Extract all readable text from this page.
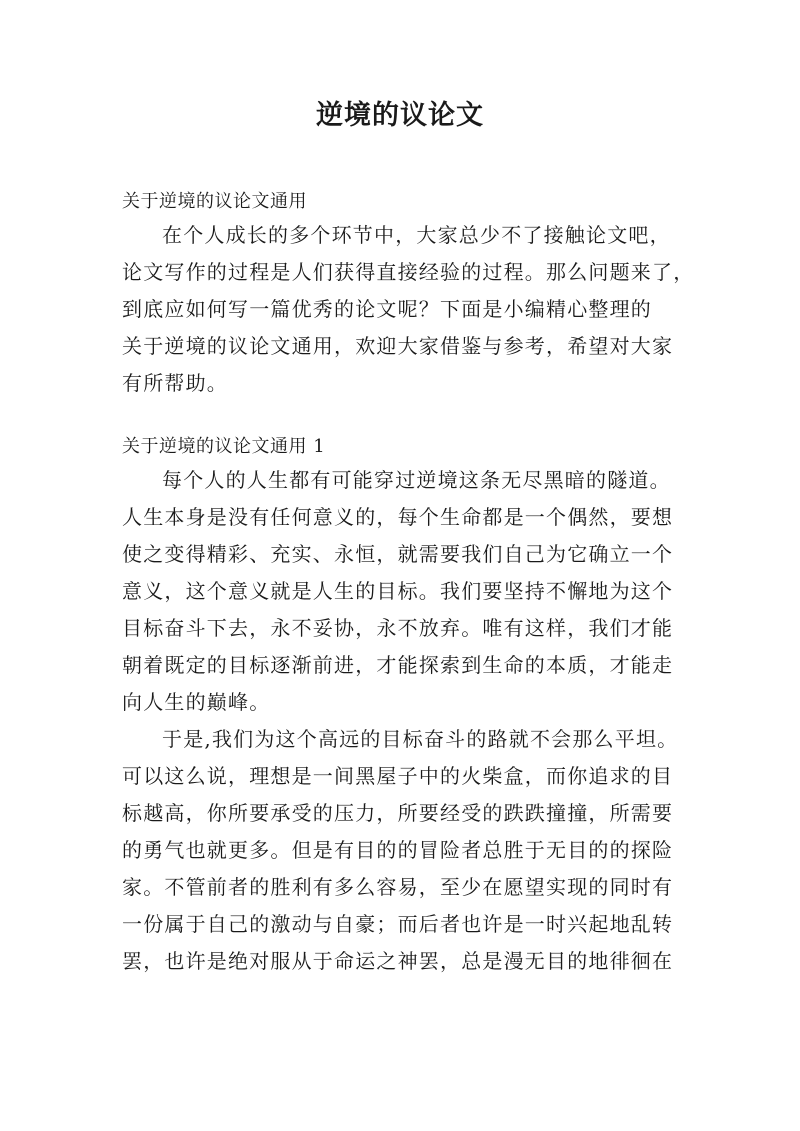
逆境的议论文
关于逆境的议论文通用

在个人成长的多个环节中，大家总少不了接触论文吧，
论文写作的过程是人们获得直接经验的过程。那么问题来了，
到底应如何写一篇优秀的论文呢？下面是小编精心整理的
关于逆境的议论文通用，欢迎大家借鉴与参考，希望对大家
有所帮助。

关于逆境的议论文通用 1

每个人的人生都有可能穿过逆境这条无尽黑暗的隧道。
人生本身是没有任何意义的，每个生命都是一个偶然，要想
使之变得精彩、充实、永恒，就需要我们自己为它确立一个
意义，这个意义就是人生的目标。我们要坚持不懈地为这个
目标奋斗下去，永不妥协，永不放弃。唯有这样，我们才能
朝着既定的目标逐渐前进，才能探索到生命的本质，才能走
向人生的巅峰。

于是,我们为这个高远的目标奋斗的路就不会那么平坦。
可以这么说，理想是一间黑屋子中的火柴盒，而你追求的目
标越高，你所要承受的压力，所要经受的跌跌撞撞，所需要
的勇气也就更多。但是有目的的冒险者总胜于无目的的探险
家。不管前者的胜利有多么容易，至少在愿望实现的同时有
一份属于自己的激动与自豪；而后者也许是一时兴起地乱转
罢，也许是绝对服从于命运之神罢，总是漫无目的地徘徊在
